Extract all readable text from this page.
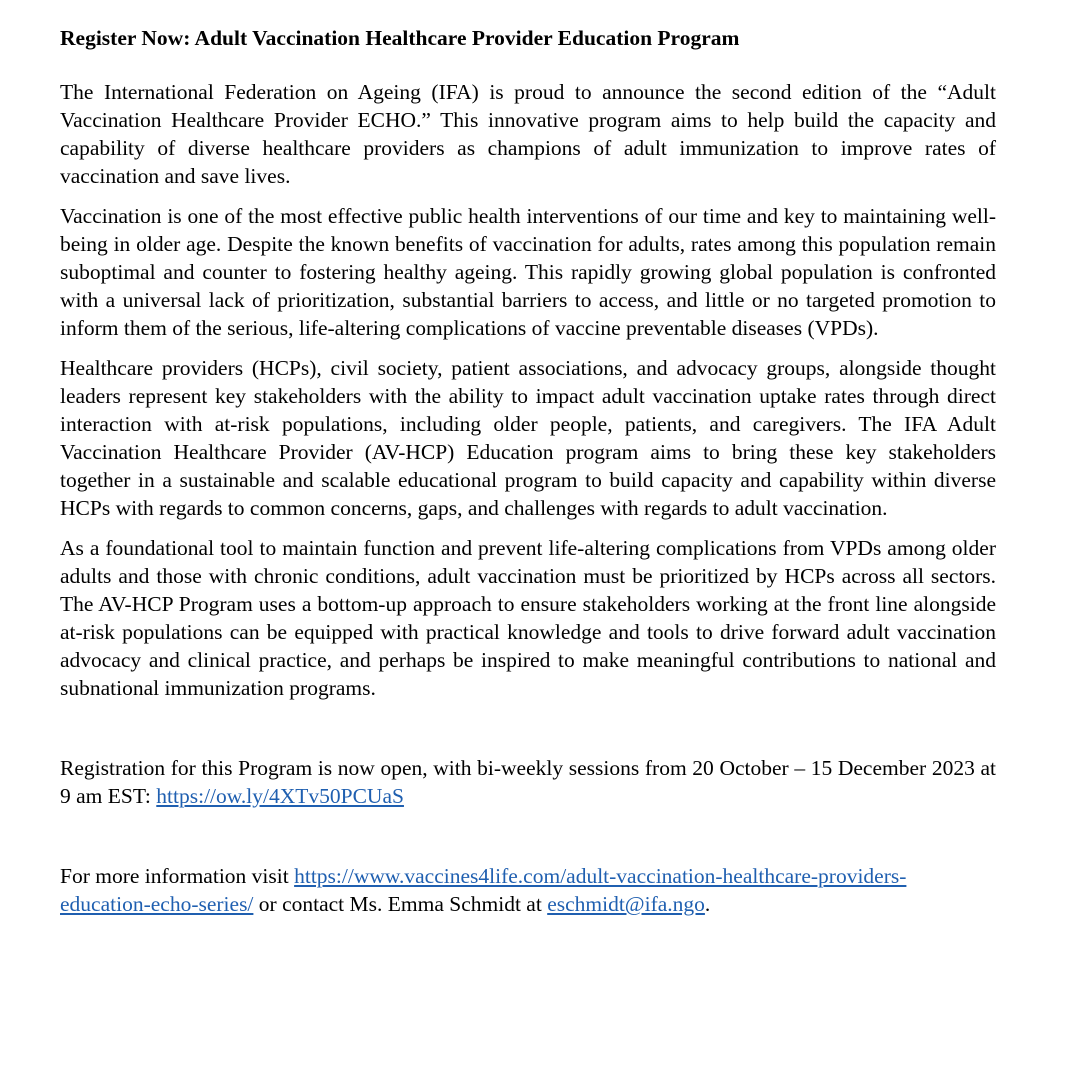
Register Now: Adult Vaccination Healthcare Provider Education Program

The International Federation on Ageing (IFA) is proud to announce the second edition of the “Adult Vaccination Healthcare Provider ECHO.” This innovative program aims to help build the capacity and capability of diverse healthcare providers as champions of adult immunization to improve rates of vaccination and save lives.

Vaccination is one of the most effective public health interventions of our time and key to maintaining well-being in older age. Despite the known benefits of vaccination for adults, rates among this population remain suboptimal and counter to fostering healthy ageing. This rapidly growing global population is confronted with a universal lack of prioritization, substantial barriers to access, and little or no targeted promotion to inform them of the serious, life-altering complications of vaccine preventable diseases (VPDs).

Healthcare providers (HCPs), civil society, patient associations, and advocacy groups, alongside thought leaders represent key stakeholders with the ability to impact adult vaccination uptake rates through direct interaction with at-risk populations, including older people, patients, and caregivers. The IFA Adult Vaccination Healthcare Provider (AV-HCP) Education program aims to bring these key stakeholders together in a sustainable and scalable educational program to build capacity and capability within diverse HCPs with regards to common concerns, gaps, and challenges with regards to adult vaccination.

As a foundational tool to maintain function and prevent life-altering complications from VPDs among older adults and those with chronic conditions, adult vaccination must be prioritized by HCPs across all sectors. The AV-HCP Program uses a bottom-up approach to ensure stakeholders working at the front line alongside at-risk populations can be equipped with practical knowledge and tools to drive forward adult vaccination advocacy and clinical practice, and perhaps be inspired to make meaningful contributions to national and subnational immunization programs.

Registration for this Program is now open, with bi-weekly sessions from 20 October – 15 December 2023 at 9 am EST: https://ow.ly/4XTv50PCUaS

For more information visit https://www.vaccines4life.com/adult-vaccination-healthcare-providers-education-echo-series/ or contact Ms. Emma Schmidt at eschmidt@ifa.ngo.
